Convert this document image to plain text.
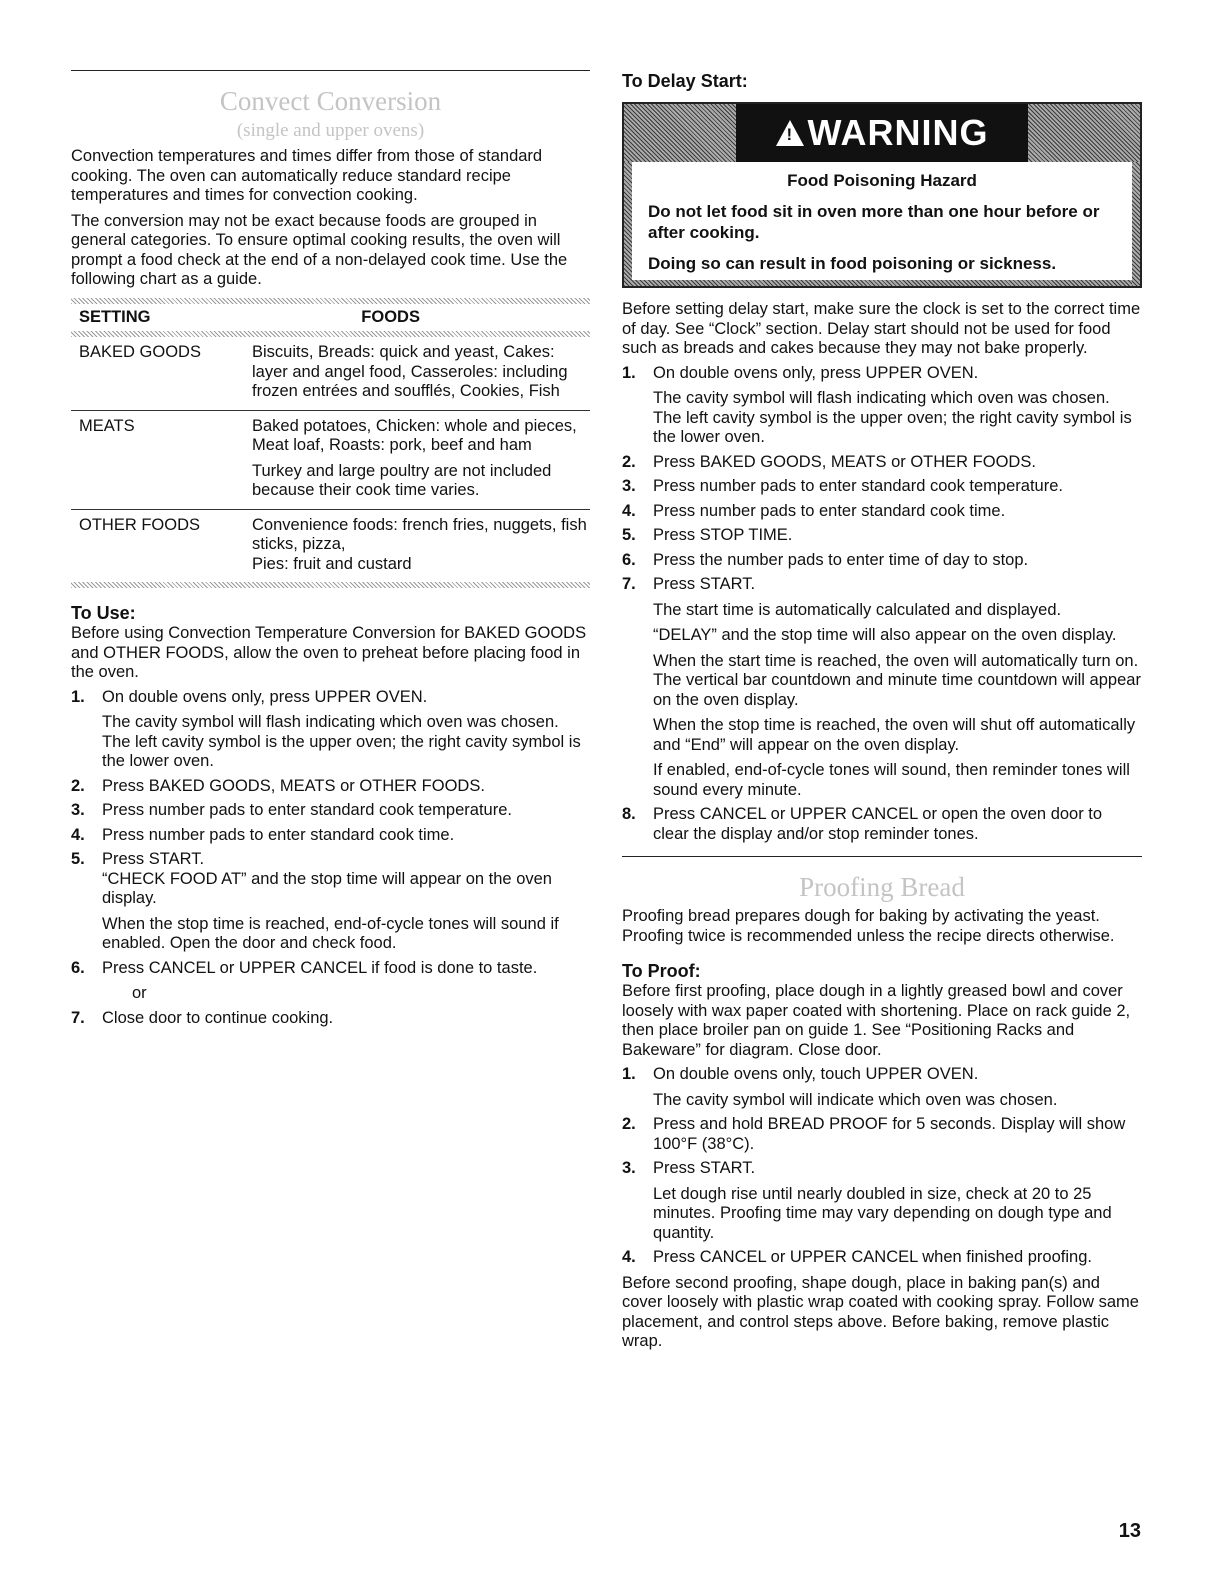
Convect Conversion
(single and upper ovens)

Convection temperatures and times differ from those of standard cooking. The oven can automatically reduce standard recipe temperatures and times for convection cooking.

The conversion may not be exact because foods are grouped in general categories. To ensure optimal cooking results, the oven will prompt a food check at the end of a non-delayed cook time. Use the following chart as a guide.

SETTING	FOODS
BAKED GOODS	Biscuits, Breads: quick and yeast, Cakes: layer and angel food, Casseroles: including frozen entrées and soufflés, Cookies, Fish

MEATS	Baked potatoes, Chicken: whole and pieces, Meat loaf, Roasts: pork, beef and ham

Turkey and large poultry are not included because their cook time varies.

OTHER FOODS	Convenience foods: french fries, nuggets, fish sticks, pizza,

Pies: fruit and custard

To Use:

Before using Convection Temperature Conversion for BAKED GOODS and OTHER FOODS, allow the oven to preheat before placing food in the oven.

1. On double ovens only, press UPPER OVEN.

The cavity symbol will flash indicating which oven was chosen. The left cavity symbol is the upper oven; the right cavity symbol is the lower oven.

2. Press BAKED GOODS, MEATS or OTHER FOODS.

3. Press number pads to enter standard cook temperature.

4. Press number pads to enter standard cook time.

5. Press START.

“CHECK FOOD AT” and the stop time will appear on the oven display.

When the stop time is reached, end-of-cycle tones will sound if enabled. Open the door and check food.

6. Press CANCEL or UPPER CANCEL if food is done to taste.

or

7. Close door to continue cooking.

To Delay Start:
! WARNING
Food Poisoning Hazard
Do not let food sit in oven more than one hour before or after cooking.
Doing so can result in food poisoning or sickness.

Before setting delay start, make sure the clock is set to the correct time of day. See “Clock” section. Delay start should not be used for food such as breads and cakes because they may not bake properly.

1. On double ovens only, press UPPER OVEN.

The cavity symbol will flash indicating which oven was chosen. The left cavity symbol is the upper oven; the right cavity symbol is the lower oven.

2. Press BAKED GOODS, MEATS or OTHER FOODS.

3. Press number pads to enter standard cook temperature.

4. Press number pads to enter standard cook time.

5. Press STOP TIME.

6. Press the number pads to enter time of day to stop.

7. Press START.

The start time is automatically calculated and displayed.

“DELAY” and the stop time will also appear on the oven display.

When the start time is reached, the oven will automatically turn on. The vertical bar countdown and minute time countdown will appear on the oven display.

When the stop time is reached, the oven will shut off automatically and “End” will appear on the oven display.

If enabled, end-of-cycle tones will sound, then reminder tones will sound every minute.

8. Press CANCEL or UPPER CANCEL or open the oven door to clear the display and/or stop reminder tones.

Proofing Bread

Proofing bread prepares dough for baking by activating the yeast. Proofing twice is recommended unless the recipe directs otherwise.

To Proof:

Before first proofing, place dough in a lightly greased bowl and cover loosely with wax paper coated with shortening. Place on rack guide 2, then place broiler pan on guide 1. See “Positioning Racks and Bakeware” for diagram. Close door.

1. On double ovens only, touch UPPER OVEN.

The cavity symbol will indicate which oven was chosen.

2. Press and hold BREAD PROOF for 5 seconds. Display will show 100°F (38°C).

3. Press START.

Let dough rise until nearly doubled in size, check at 20 to 25 minutes. Proofing time may vary depending on dough type and quantity.

4. Press CANCEL or UPPER CANCEL when finished proofing.

Before second proofing, shape dough, place in baking pan(s) and cover loosely with plastic wrap coated with cooking spray. Follow same placement, and control steps above. Before baking, remove plastic wrap.

13
